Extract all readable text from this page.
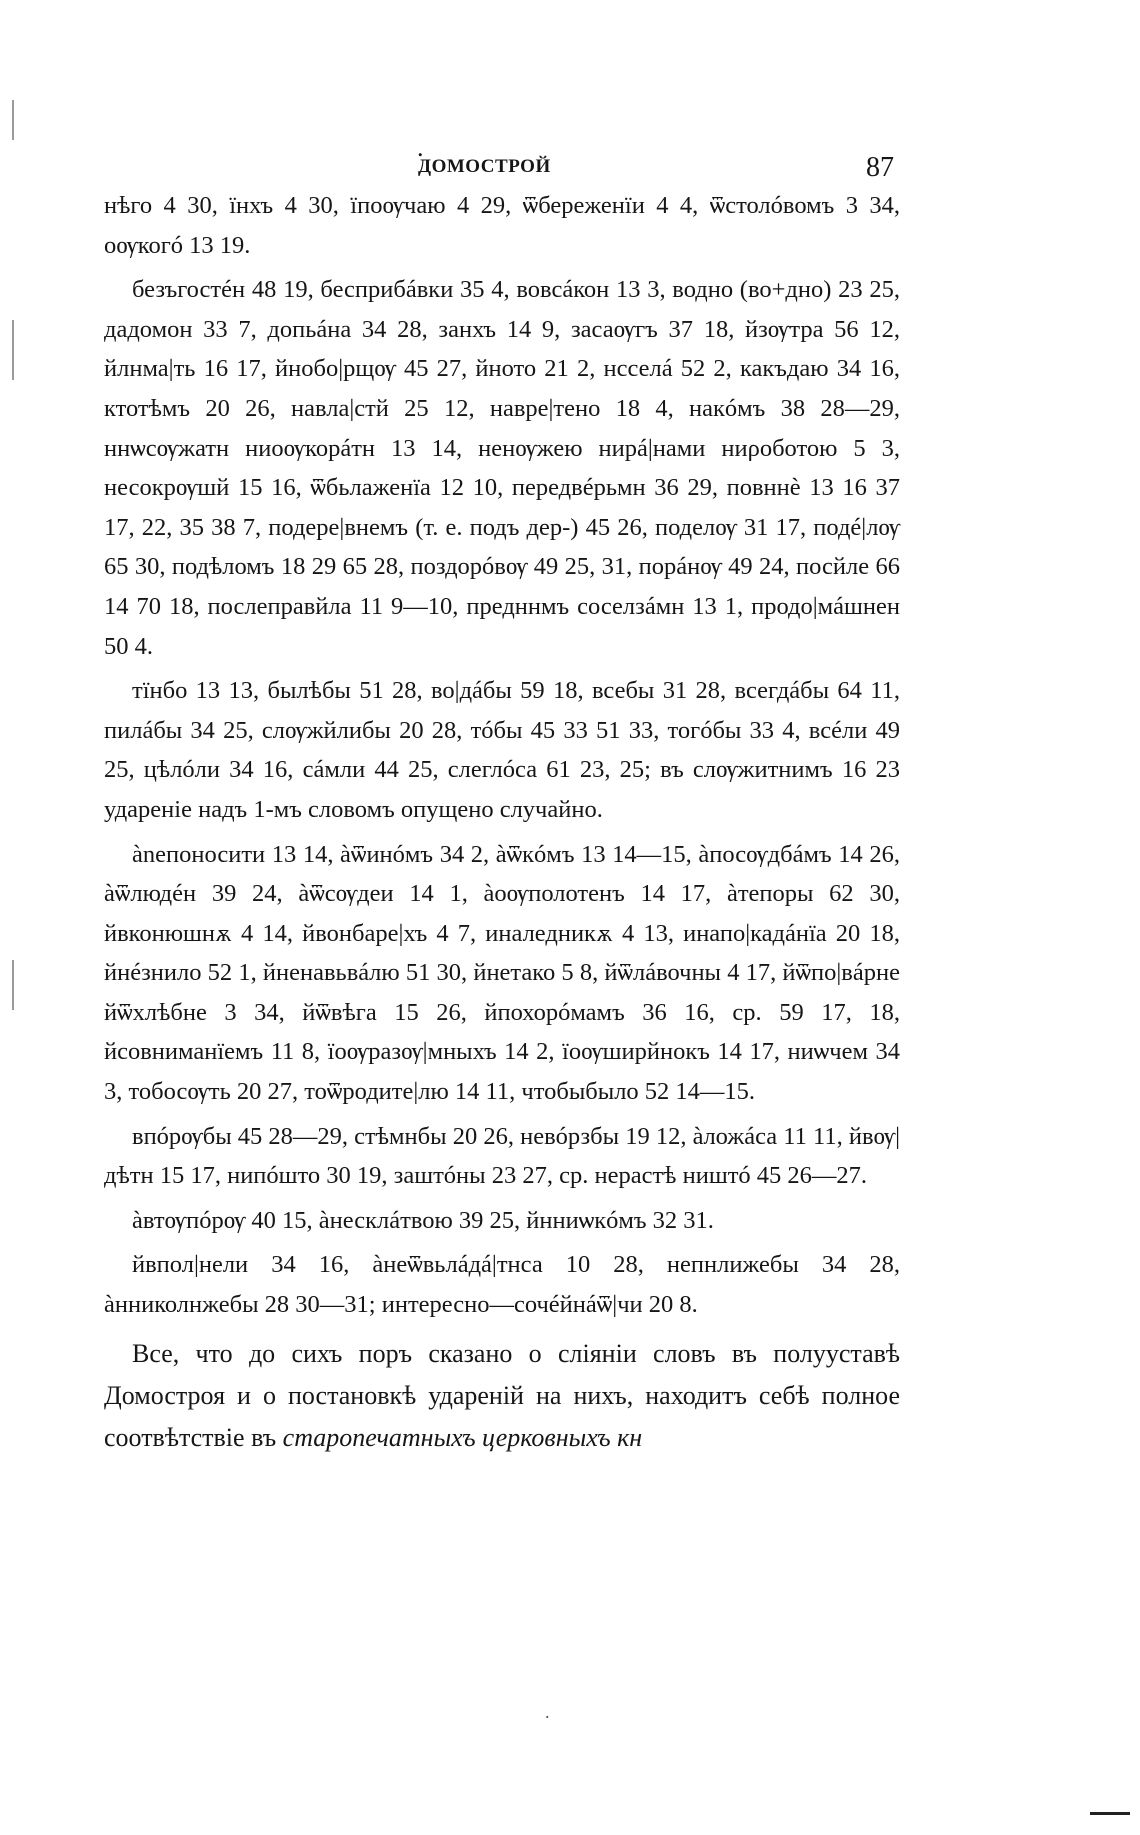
.
ДОМОСТРОЙ	87

нѣго 4 30, їнхъ 4 30, їпоѹчаю 4 29, ѿбереженїи 4 4, ѿстолóвомъ 3 34, оѹкогó 13 19.

безъгостéн 48 19, бесприбáвки 35 4, вовсáкон 13 3, водно (во+дно) 23 25, дадомон 33 7, допьáна 34 28, занхъ 14 9, засаѹгъ 37 18, йзѹтра 56 12, йлнма|ть 16 17, йнобо|рщѹ 45 27, йното 21 2, нсселá 52 2, какъдаю 34 16, ктотѣмъ 20 26, навла|стй 25 12, навре|тено 18 4, накóмъ 38 28—29, ннѡсѹжатн ниоѹкорáтн 13 14, ненѹжею нирá|нами ниροботою 5 3, несокрѹшй 15 16, ѿбьлаженїа 12 10, передвéрьмн 36 29, повннè 13 16 37 17, 22, 35 38 7, подере|внемъ (т. е. подъ дер-) 45 26, поделѹ 31 17, подé|лѹ 65 30, подѣломъ 18 29 65 28, поздорóвѹ 49 25, 31, порáнѹ 49 24, посйле 66 14 70 18, послеправйла 11 9—10, предннмъ соселзáмн 13 1, продо|мáшнен 50 4.

тїнбо 13 13, былѣбы 51 28, во|дáбы 59 18, всебы 31 28, всегдáбы 64 11, пилáбы 34 25, слѹжйлибы 20 28, тóбы 45 33 51 33, тогóбы 33 4, всéли 49 25, цѣлóли 34 16, сáмли 44 25, слеглóса 61 23, 25; въ слѹжитнимъ 16 23 удареніе надъ 1-мъ словомъ опущено случайно.

ànепоносити 13 14, àѿинóмъ 34 2, àѿкóмъ 13 14—15, àпосѹдбáмъ 14 26, àѿлюдéн 39 24, àѿсѹдеи 14 1, àоѹполотенъ 14 17, àтепоры 62 30, йвконюшнѫ 4 14, йвонбаре|хъ 4 7, иналедникѫ 4 13, инапо|кадáнїа 20 18, йнéзнило 52 1, йненавьвáлю 51 30, йнетако 5 8, йѿлáвочны 4 17, йѿпо|вáрне йѿхлѣбне 3 34, йѿвѣга 15 26, йпохорóмамъ 36 16, ср. 59 17, 18, йсовниманїемъ 11 8, їоѹразѹ|мныхъ 14 2, їоѹширйнокъ 14 17, ниѡчем 34 3, тобосѹть 20 27, тоѿродите|лю 14 11, чтобыбыло 52 14—15.

впóрѹбы 45 28—29, стѣмнбы 20 26, невóрзбы 19 12, àложáса 11 11, йвѹ|дѣтн 15 17, нипóшто 30 19, заштóны 23 27, ср. нерастѣ ништó 45 26—27.

àвтѹпóрѹ 40 15, àнесклáтвою 39 25, йнниѡкóмъ 32 31.

йвпол|нели 34 16, àнеѿвьлáдá|тнса 10 28, непнлижебы 34 28, àнниколнжебы 28 30—31; интересно—сочéйнáѿ|чи 20 8.

Все, что до сихъ поръ сказано о сліяніи словъ въ полууставѣ Домостроя и о постановкѣ удареній на нихъ, находитъ себѣ полное соотвѣтствіе въ старопечатныхъ церковныхъ кн

.
